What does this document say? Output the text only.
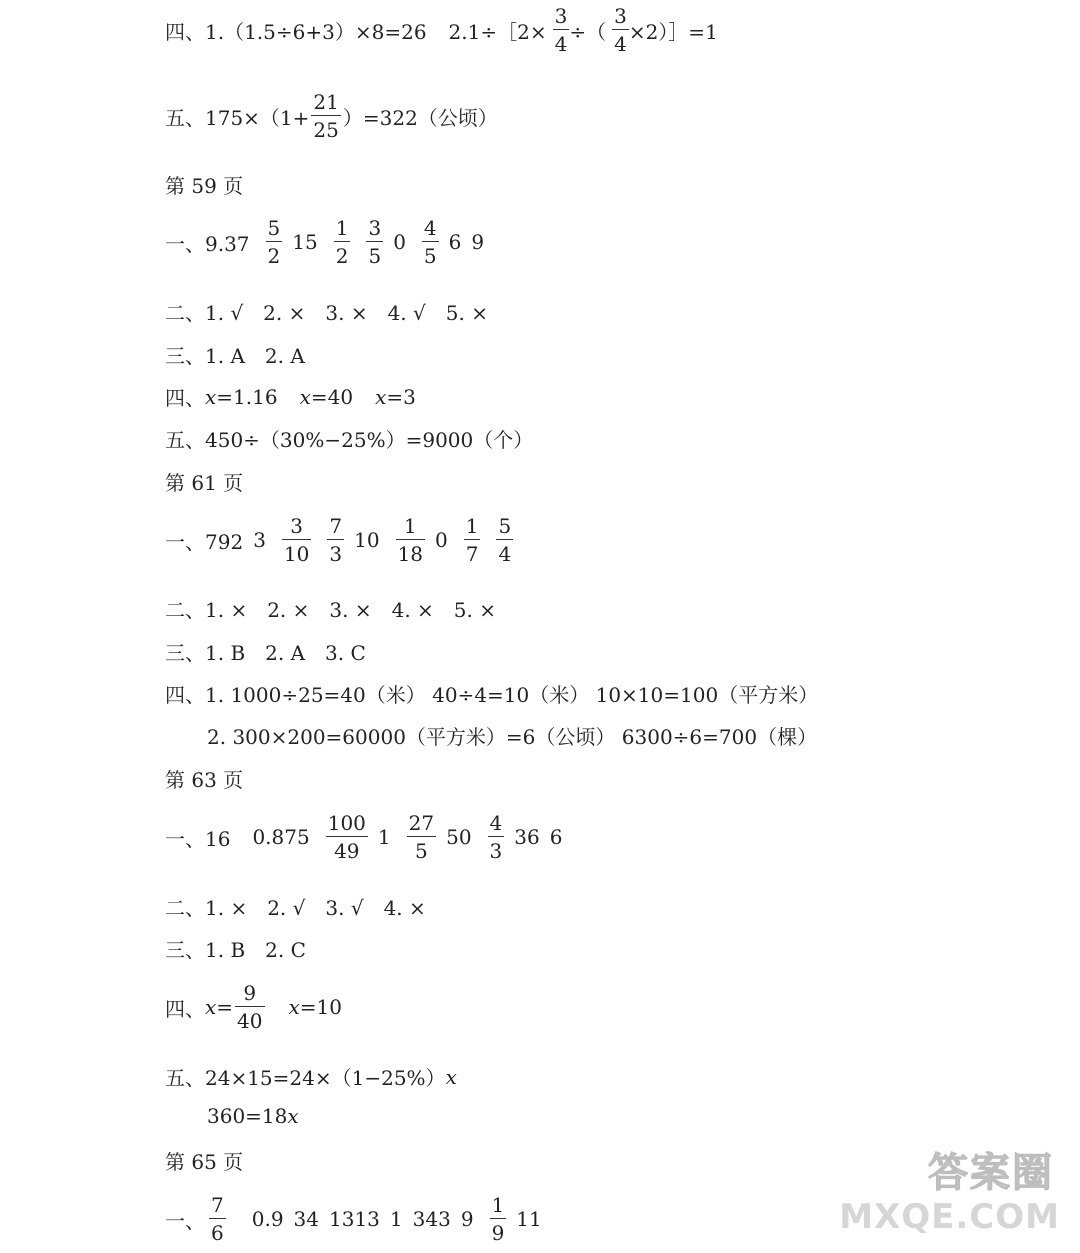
四、1.（1.5÷6+3）×8=26 2.1÷［2× $\frac{3}{4}$ ÷（ $\frac{3}{4}$ ×2）］=1
五、$175\times(1+ \frac{21}{25} )=322$（公顷）
第 59 页
一、$9.37 \frac{5}{2} 15 \frac{1}{2} \frac{3}{5} 0 \frac{4}{5} 6$ 9
二、1. √　2. ×　3. ×　4. √　5. ×
三、1. A　2. A
四、 x =1.16 x =40 x =3
五、450÷（30%−25%）=9000（个）
第 61 页
一、792 $3 \frac{3}{10} \frac{7}{3} 10 \frac{1}{18} 0 \frac{1}{7} \frac{5}{4}$
二、1. ×　2. ×　3. ×　4. ×　5. ×
三、1. B　2. A　3. C
四、1. 1000÷25=40（米） 40÷4=10（米） 10×10=100（平方米）
2. 300×200=60000（平方米）=6（公顷） 6300÷6=700（棵）
第 63 页
一、16 $0.875 \frac{100}{49} 1 \frac{27}{5} 50 \frac{4}{3} 36$ 6
二、1. ×　2. √　3. √　4. ×
三、1. B　2. C
四、 $x = \frac{9}{40}$ x =10
五、24×15=24×（1−25%） x
360=18 x
第 65 页
一、 $\frac{7}{6} 0.9$ 34 1313 1 343 $9 \frac{1}{9} 11$
答案圈
MXQE.COM
